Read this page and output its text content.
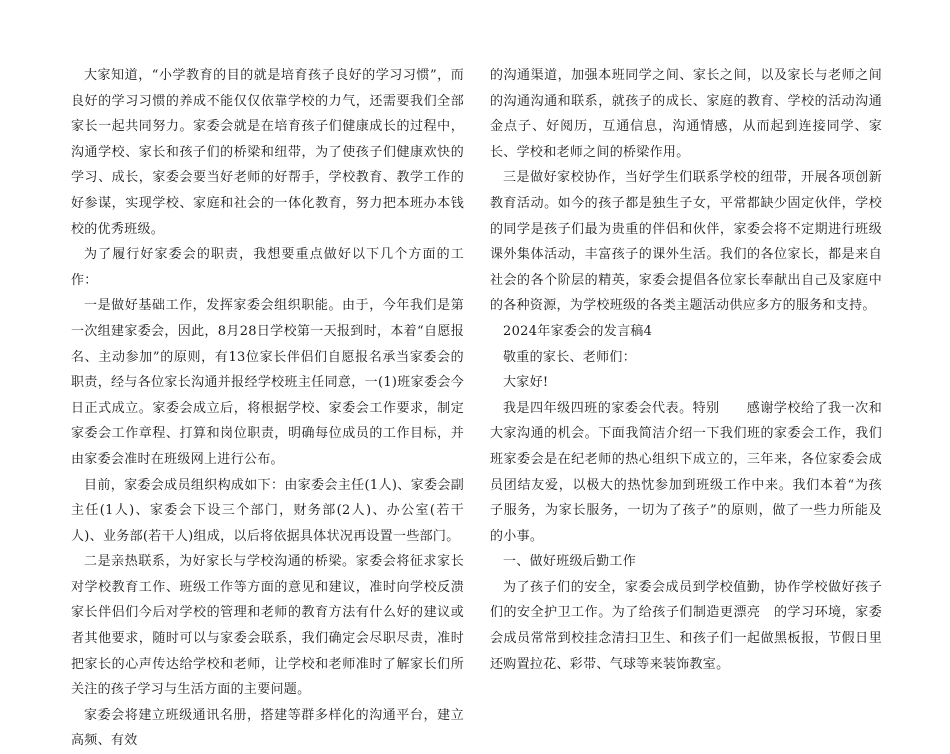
大家知道，“小学教育的目的就是培育孩子良好的学习习惯”，而良好的学习习惯的养成不能仅仅依靠学校的力气，还需要我们全部家长一起共同努力。家委会就是在培育孩子们健康成长的过程中，沟通学校、家长和孩子们的桥梁和纽带，为了使孩子们健康欢快的学习、成长，家委会要当好老师的好帮手，学校教育、教学工作的好参谋，实现学校、家庭和社会的一体化教育，努力把本班办本钱校的优秀班级。

为了履行好家委会的职责，我想要重点做好以下几个方面的工作：

一是做好基础工作，发挥家委会组织职能。由于，今年我们是第一次组建家委会，因此，8月28日学校第一天报到时，本着“自愿报名、主动参加”的原则，有13位家长伴侣们自愿报名承当家委会的职责，经与各位家长沟通并报经学校班主任同意，一(1)班家委会今日正式成立。家委会成立后，将根据学校、家委会工作要求，制定家委会工作章程、打算和岗位职责，明确每位成员的工作目标，并由家委会准时在班级网上进行公布。

目前，家委会成员组织构成如下：由家委会主任(1人)、家委会副主任(1人)、家委会下设三个部门，财务部(2人)、办公室(若干人)、业务部(若干人)组成，以后将依据具体状况再设置一些部门。

二是亲热联系，为好家长与学校沟通的桥梁。家委会将征求家长对学校教育工作、班级工作等方面的意见和建议，准时向学校反溃家长伴侣们今后对学校的管理和老师的教育方法有什么好的建议或者其他要求，随时可以与家委会联系，我们确定会尽职尽责，准时把家长的心声传达给学校和老师，让学校和老师准时了解家长们所关注的孩子学习与生活方面的主要问题。

家委会将建立班级通讯名册，搭建等群多样化的沟通平台，建立高频、有效

的沟通渠道，加强本班同学之间、家长之间，以及家长与老师之间的沟通沟通和联系，就孩子的成长、家庭的教育、学校的活动沟通金点子、好阅历，互通信息，沟通情感，从而起到连接同学、家长、学校和老师之间的桥梁作用。

三是做好家校协作，当好学生们联系学校的纽带，开展各项创新教育活动。如今的孩子都是独生子女，平常都缺少固定伙伴，学校的同学是孩子们最为贵重的伴侣和伙伴，家委会将不定期进行班级课外集体活动，丰富孩子的课外生活。我们的各位家长，都是来自社会的各个阶层的精英，家委会提倡各位家长奉献出自己及家庭中的各种资源，为学校班级的各类主题活动供应多方的服务和支持。

2024年家委会的发言稿4

敬重的家长、老师们：

大家好!

我是四年级四班的家委会代表。特别　　感谢学校给了我一次和大家沟通的机会。下面我简洁介绍一下我们班的家委会工作，我们班家委会是在纪老师的热心组织下成立的，三年来，各位家委会成员团结友爱，以极大的热忱参加到班级工作中来。我们本着“为孩子服务，为家长服务，一切为了孩子”的原则，做了一些力所能及的小事。

一、做好班级后勤工作

为了孩子们的安全，家委会成员到学校值勤，协作学校做好孩子们的安全护卫工作。为了给孩子们制造更漂亮　的学习环境，家委会成员常常到校挂念清扫卫生、和孩子们一起做黑板报，节假日里还购置拉花、彩带、气球等来装饰教室。
